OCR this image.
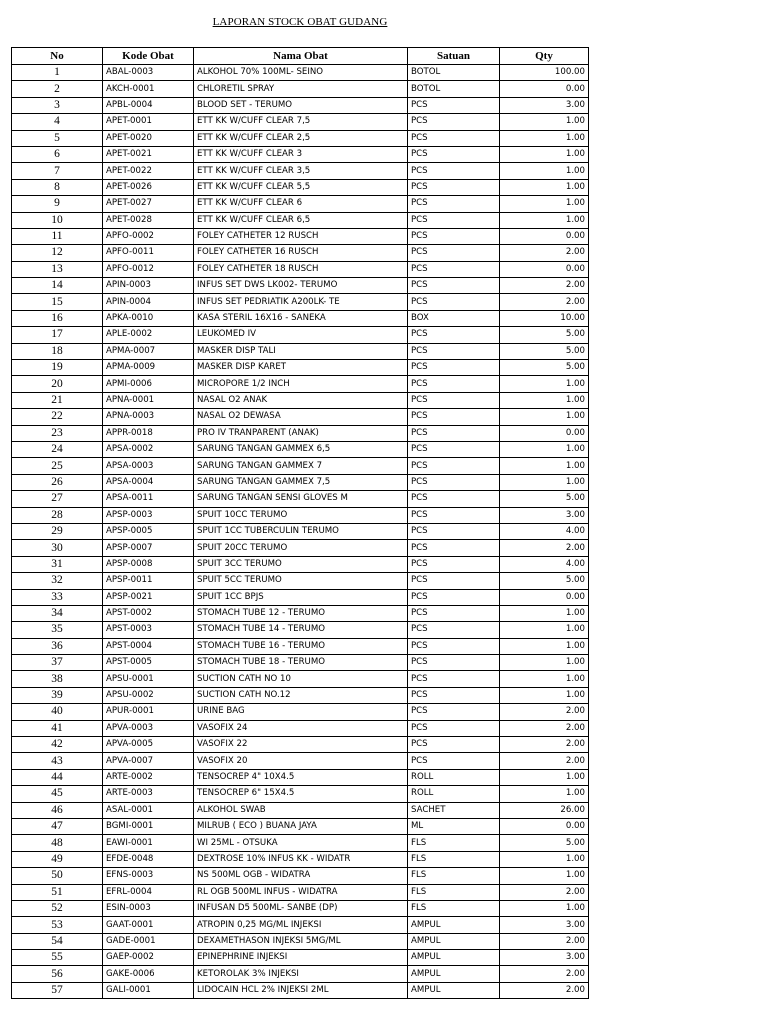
LAPORAN STOCK OBAT GUDANG
No	Kode Obat	Nama Obat	Satuan	Qty
1	ABAL-0003	ALKOHOL 70% 100ML- SEINO	BOTOL	100.00
2	AKCH-0001	CHLORETIL SPRAY	BOTOL	0.00
3	APBL-0004	BLOOD SET - TERUMO	PCS	3.00
4	APET-0001	ETT KK W/CUFF CLEAR 7,5	PCS	1.00
5	APET-0020	ETT KK W/CUFF CLEAR 2,5	PCS	1.00
6	APET-0021	ETT KK W/CUFF CLEAR 3	PCS	1.00
7	APET-0022	ETT KK W/CUFF CLEAR 3,5	PCS	1.00
8	APET-0026	ETT KK W/CUFF CLEAR 5,5	PCS	1.00
9	APET-0027	ETT KK W/CUFF CLEAR 6	PCS	1.00
10	APET-0028	ETT KK W/CUFF CLEAR 6,5	PCS	1.00
11	APFO-0002	FOLEY CATHETER 12 RUSCH	PCS	0.00
12	APFO-0011	FOLEY CATHETER 16 RUSCH	PCS	2.00
13	APFO-0012	FOLEY CATHETER 18 RUSCH	PCS	0.00
14	APIN-0003	INFUS SET DWS LK002- TERUMO	PCS	2.00
15	APIN-0004	INFUS SET PEDRIATIK A200LK- TE	PCS	2.00
16	APKA-0010	KASA STERIL 16X16 - SANEKA	BOX	10.00
17	APLE-0002	LEUKOMED IV	PCS	5.00
18	APMA-0007	MASKER DISP TALI	PCS	5.00
19	APMA-0009	MASKER DISP KARET	PCS	5.00
20	APMI-0006	MICROPORE 1/2 INCH	PCS	1.00
21	APNA-0001	NASAL O2 ANAK	PCS	1.00
22	APNA-0003	NASAL O2 DEWASA	PCS	1.00
23	APPR-0018	PRO IV TRANPARENT (ANAK)	PCS	0.00
24	APSA-0002	SARUNG TANGAN GAMMEX 6,5	PCS	1.00
25	APSA-0003	SARUNG TANGAN GAMMEX 7	PCS	1.00
26	APSA-0004	SARUNG TANGAN GAMMEX 7,5	PCS	1.00
27	APSA-0011	SARUNG TANGAN SENSI GLOVES M	PCS	5.00
28	APSP-0003	SPUIT 10CC TERUMO	PCS	3.00
29	APSP-0005	SPUIT 1CC TUBERCULIN TERUMO	PCS	4.00
30	APSP-0007	SPUIT 20CC TERUMO	PCS	2.00
31	APSP-0008	SPUIT 3CC TERUMO	PCS	4.00
32	APSP-0011	SPUIT 5CC TERUMO	PCS	5.00
33	APSP-0021	SPUIT 1CC BPJS	PCS	0.00
34	APST-0002	STOMACH TUBE 12 - TERUMO	PCS	1.00
35	APST-0003	STOMACH TUBE 14 - TERUMO	PCS	1.00
36	APST-0004	STOMACH TUBE 16 - TERUMO	PCS	1.00
37	APST-0005	STOMACH TUBE 18 - TERUMO	PCS	1.00
38	APSU-0001	SUCTION CATH NO 10	PCS	1.00
39	APSU-0002	SUCTION CATH NO.12	PCS	1.00
40	APUR-0001	URINE BAG	PCS	2.00
41	APVA-0003	VASOFIX 24	PCS	2.00
42	APVA-0005	VASOFIX 22	PCS	2.00
43	APVA-0007	VASOFIX 20	PCS	2.00
44	ARTE-0002	TENSOCREP 4" 10X4.5	ROLL	1.00
45	ARTE-0003	TENSOCREP 6" 15X4.5	ROLL	1.00
46	ASAL-0001	ALKOHOL SWAB	SACHET	26.00
47	BGMI-0001	MILRUB ( ECO ) BUANA JAYA	ML	0.00
48	EAWI-0001	WI 25ML - OTSUKA	FLS	5.00
49	EFDE-0048	DEXTROSE 10% INFUS KK - WIDATR	FLS	1.00
50	EFNS-0003	NS 500ML OGB - WIDATRA	FLS	1.00
51	EFRL-0004	RL OGB 500ML INFUS - WIDATRA	FLS	2.00
52	ESIN-0003	INFUSAN D5 500ML- SANBE (DP)	FLS	1.00
53	GAAT-0001	ATROPIN 0,25 MG/ML INJEKSI	AMPUL	3.00
54	GADE-0001	DEXAMETHASON INJEKSI 5MG/ML	AMPUL	2.00
55	GAEP-0002	EPINEPHRINE INJEKSI	AMPUL	3.00
56	GAKE-0006	KETOROLAK 3% INJEKSI	AMPUL	2.00
57	GALI-0001	LIDOCAIN HCL 2% INJEKSI 2ML	AMPUL	2.00
